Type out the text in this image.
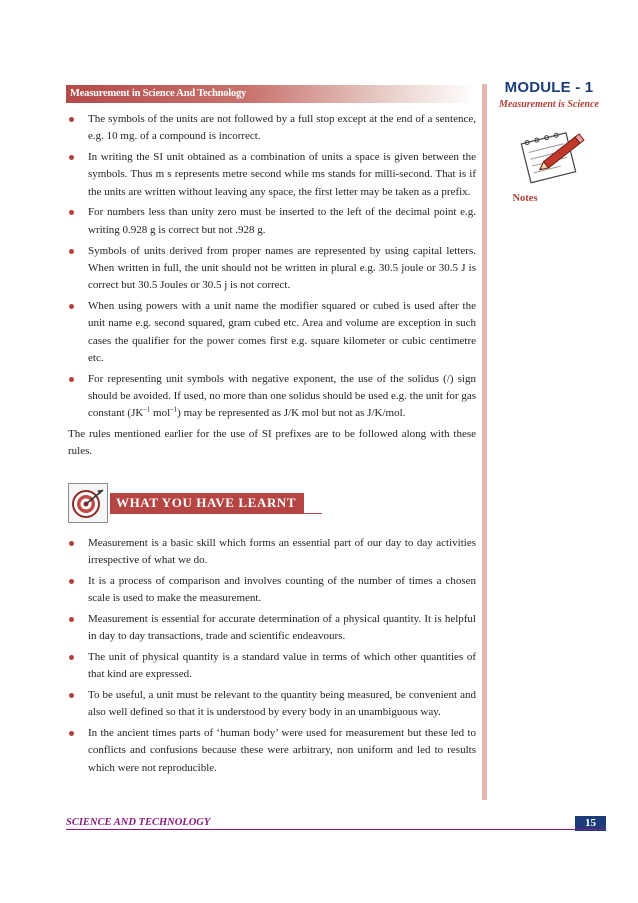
Measurement in Science And Technology	MODULE - 1
Measurement is Science
Notes
The symbols of the units are not followed by a full stop except at the end of a sentence, e.g. 10 mg. of a compound is incorrect.
In writing the SI unit obtained as a combination of units a space is given between the symbols. Thus m s represents metre second while ms stands for milli-second. That is if the units are written without leaving any space, the first letter may be taken as a prefix.
For numbers less than unity zero must be inserted to the left of the decimal point e.g. writing 0.928 g is correct but not .928 g.
Symbols of units derived from proper names are represented by using capital letters. When written in full, the unit should not be written in plural e.g. 30.5 joule or 30.5 J is correct but 30.5 Joules or 30.5 j is not correct.
When using powers with a unit name the modifier squared or cubed is used after the unit name e.g. second squared, gram cubed etc. Area and volume are exception in such cases the qualifier for the power comes first e.g. square kilometer or cubic centimetre etc.
For representing unit symbols with negative exponent, the use of the solidus (/) sign should be avoided. If used, no more than one solidus should be used e.g. the unit for gas constant ($JK^{-1}$ mol$^{-1}$) may be represented as J/K mol but not as J/K/mol.

The rules mentioned earlier for the use of SI prefixes are to be followed along with these rules.

WHAT YOU HAVE LEARNT
Measurement is a basic skill which forms an essential part of our day to day activities irrespective of what we do.
It is a process of comparison and involves counting of the number of times a chosen scale is used to make the measurement.
Measurement is essential for accurate determination of a physical quantity. It is helpful in day to day transactions, trade and scientific endeavours.
The unit of physical quantity is a standard value in terms of which other quantities of that kind are expressed.
To be useful, a unit must be relevant to the quantity being measured, be convenient and also well defined so that it is understood by every body in an unambiguous way.
In the ancient times parts of ‘human body’ were used for measurement but these led to conflicts and confusions because these were arbitrary, non uniform and led to results which were not reproducible.
SCIENCE AND TECHNOLOGY	15
